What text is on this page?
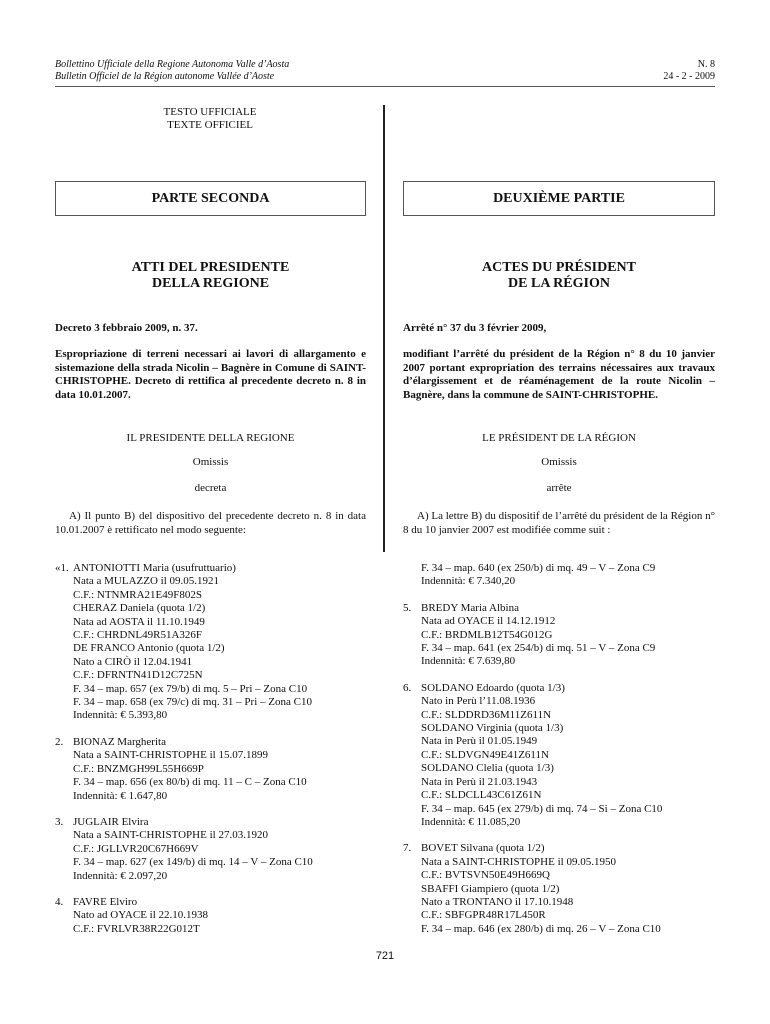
Bollettino Ufficiale della Regione Autonoma Valle d’Aosta
Bulletin Officiel de la Région autonome Vallée d’Aoste
N. 8
24 - 2 - 2009
TESTO UFFICIALE
TEXTE OFFICIEL
PARTE SECONDA	DEUXIÈME PARTIE
ATTI DEL PRESIDENTE
DELLA REGIONE
ACTES DU PRÉSIDENT
DE LA RÉGION
Decreto 3 febbraio 2009, n. 37.	Arrêté n° 37 du 3 février 2009,
Espropriazione di terreni necessari ai lavori di allargamento e sistemazione della strada Nicolin – Bagnère in Comune di SAINT-CHRISTOPHE. Decreto di rettifica al precedente decreto n. 8 in data 10.01.2007.
modifiant l’arrêté du président de la Région n° 8 du 10 janvier 2007 portant expropriation des terrains nécessaires aux travaux d’élargissement et de réaménagement de la route Nicolin – Bagnère, dans la commune de SAINT-CHRISTOPHE.
IL PRESIDENTE DELLA REGIONE	LE PRÉSIDENT DE LA RÉGION
Omissis	Omissis
decreta	arrête
A) Il punto B) del dispositivo del precedente decreto n. 8 in data 10.01.2007 è rettificato nel modo seguente:
A) La lettre B) du dispositif de l’arrêté du président de la Région n° 8 du 10 janvier 2007 est modifiée comme suit :
«1. ANTONIOTTI Maria (usufruttuario)
Nata a MULAZZO il 09.05.1921
C.F.: NTNMRA21E49F802S
CHERAZ Daniela (quota 1/2)
Nata ad AOSTA il 11.10.1949
C.F.: CHRDNL49R51A326F
DE FRANCO Antonio (quota 1/2)
Nato a CIRÒ il 12.04.1941
C.F.: DFRNTN41D12C725N
F. 34 – map. 657 (ex 79/b) di mq. 5 – Pri – Zona C10
F. 34 – map. 658 (ex 79/c) di mq. 31 – Pri – Zona C10
Indennità: € 5.393,80
2. BIONAZ Margherita
Nata a SAINT-CHRISTOPHE il 15.07.1899
C.F.: BNZMGH99L55H669P
F. 34 – map. 656 (ex 80/b) di mq. 11 – C – Zona C10
Indennità: € 1.647,80
3. JUGLAIR Elvira
Nata a SAINT-CHRISTOPHE il 27.03.1920
C.F.: JGLLVR20C67H669V
F. 34 – map. 627 (ex 149/b) di mq. 14 – V – Zona C10
Indennità: € 2.097,20
4. FAVRE Elviro
Nato ad OYACE il 22.10.1938
C.F.: FVRLVR38R22G012T
F. 34 – map. 640 (ex 250/b) di mq. 49 – V – Zona C9
Indennità: € 7.340,20
5. BREDY Maria Albina
Nata ad OYACE il 14.12.1912
C.F.: BRDMLB12T54G012G
F. 34 – map. 641 (ex 254/b) di mq. 51 – V – Zona C9
Indennità: € 7.639,80
6. SOLDANO Edoardo (quota 1/3)
Nato in Perù l’11.08.1936
C.F.: SLDDRD36M11Z611N
SOLDANO Virginia (quota 1/3)
Nata in Perù il 01.05.1949
C.F.: SLDVGN49E41Z611N
SOLDANO Clelia (quota 1/3)
Nata in Perù il 21.03.1943
C.F.: SLDCLL43C61Z61N
F. 34 – map. 645 (ex 279/b) di mq. 74 – Si – Zona C10
Indennità: € 11.085,20
7. BOVET Silvana (quota 1/2)
Nata a SAINT-CHRISTOPHE il 09.05.1950
C.F.: BVTSVN50E49H669Q
SBAFFI Giampiero (quota 1/2)
Nato a TRONTANO il 17.10.1948
C.F.: SBFGPR48R17L450R
F. 34 – map. 646 (ex 280/b) di mq. 26 – V – Zona C10
721
